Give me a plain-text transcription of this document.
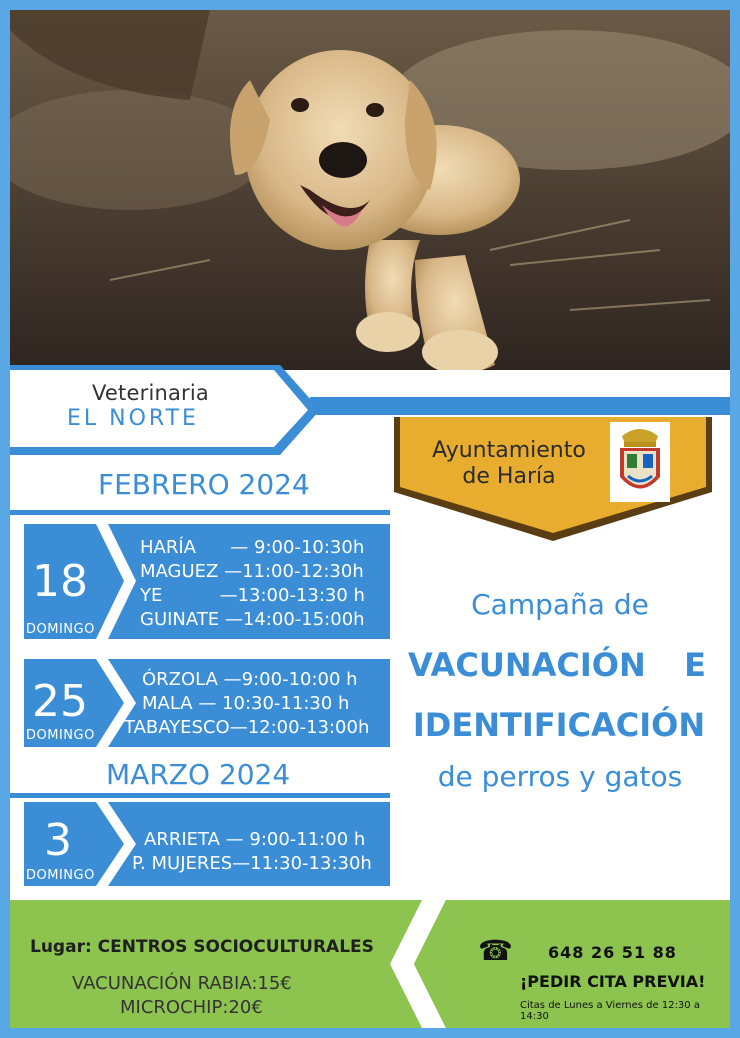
Veterinaria
EL NORTE
Ayuntamiento
de Haría
FEBRERO 2024
18
DOMINGO
HARÍA      — 9:00-10:30h
MAGUEZ —11:00-12:30h
YE          —13:00-13:30 h
GUINATE —14:00-15:00h
25
DOMINGO
ÓRZOLA —9:00-10:00 h
MALA — 10:30-11:30 h
TABAYESCO—12:00-13:00h
MARZO 2024
3
DOMINGO
ARRIETA — 9:00-11:00 h
P. MUJERES—11:30-13:30h
Campaña de
VACUNACIÓN E
IDENTIFICACIÓN
de perros y gatos
Lugar: CENTROS SOCIOCULTURALES
VACUNACIÓN RABIA:15€
MICROCHIP:20€
☎ 648 26 51 88
¡PEDIR CITA PREVIA!
Citas de Lunes a Viernes de 12:30 a 14:30
